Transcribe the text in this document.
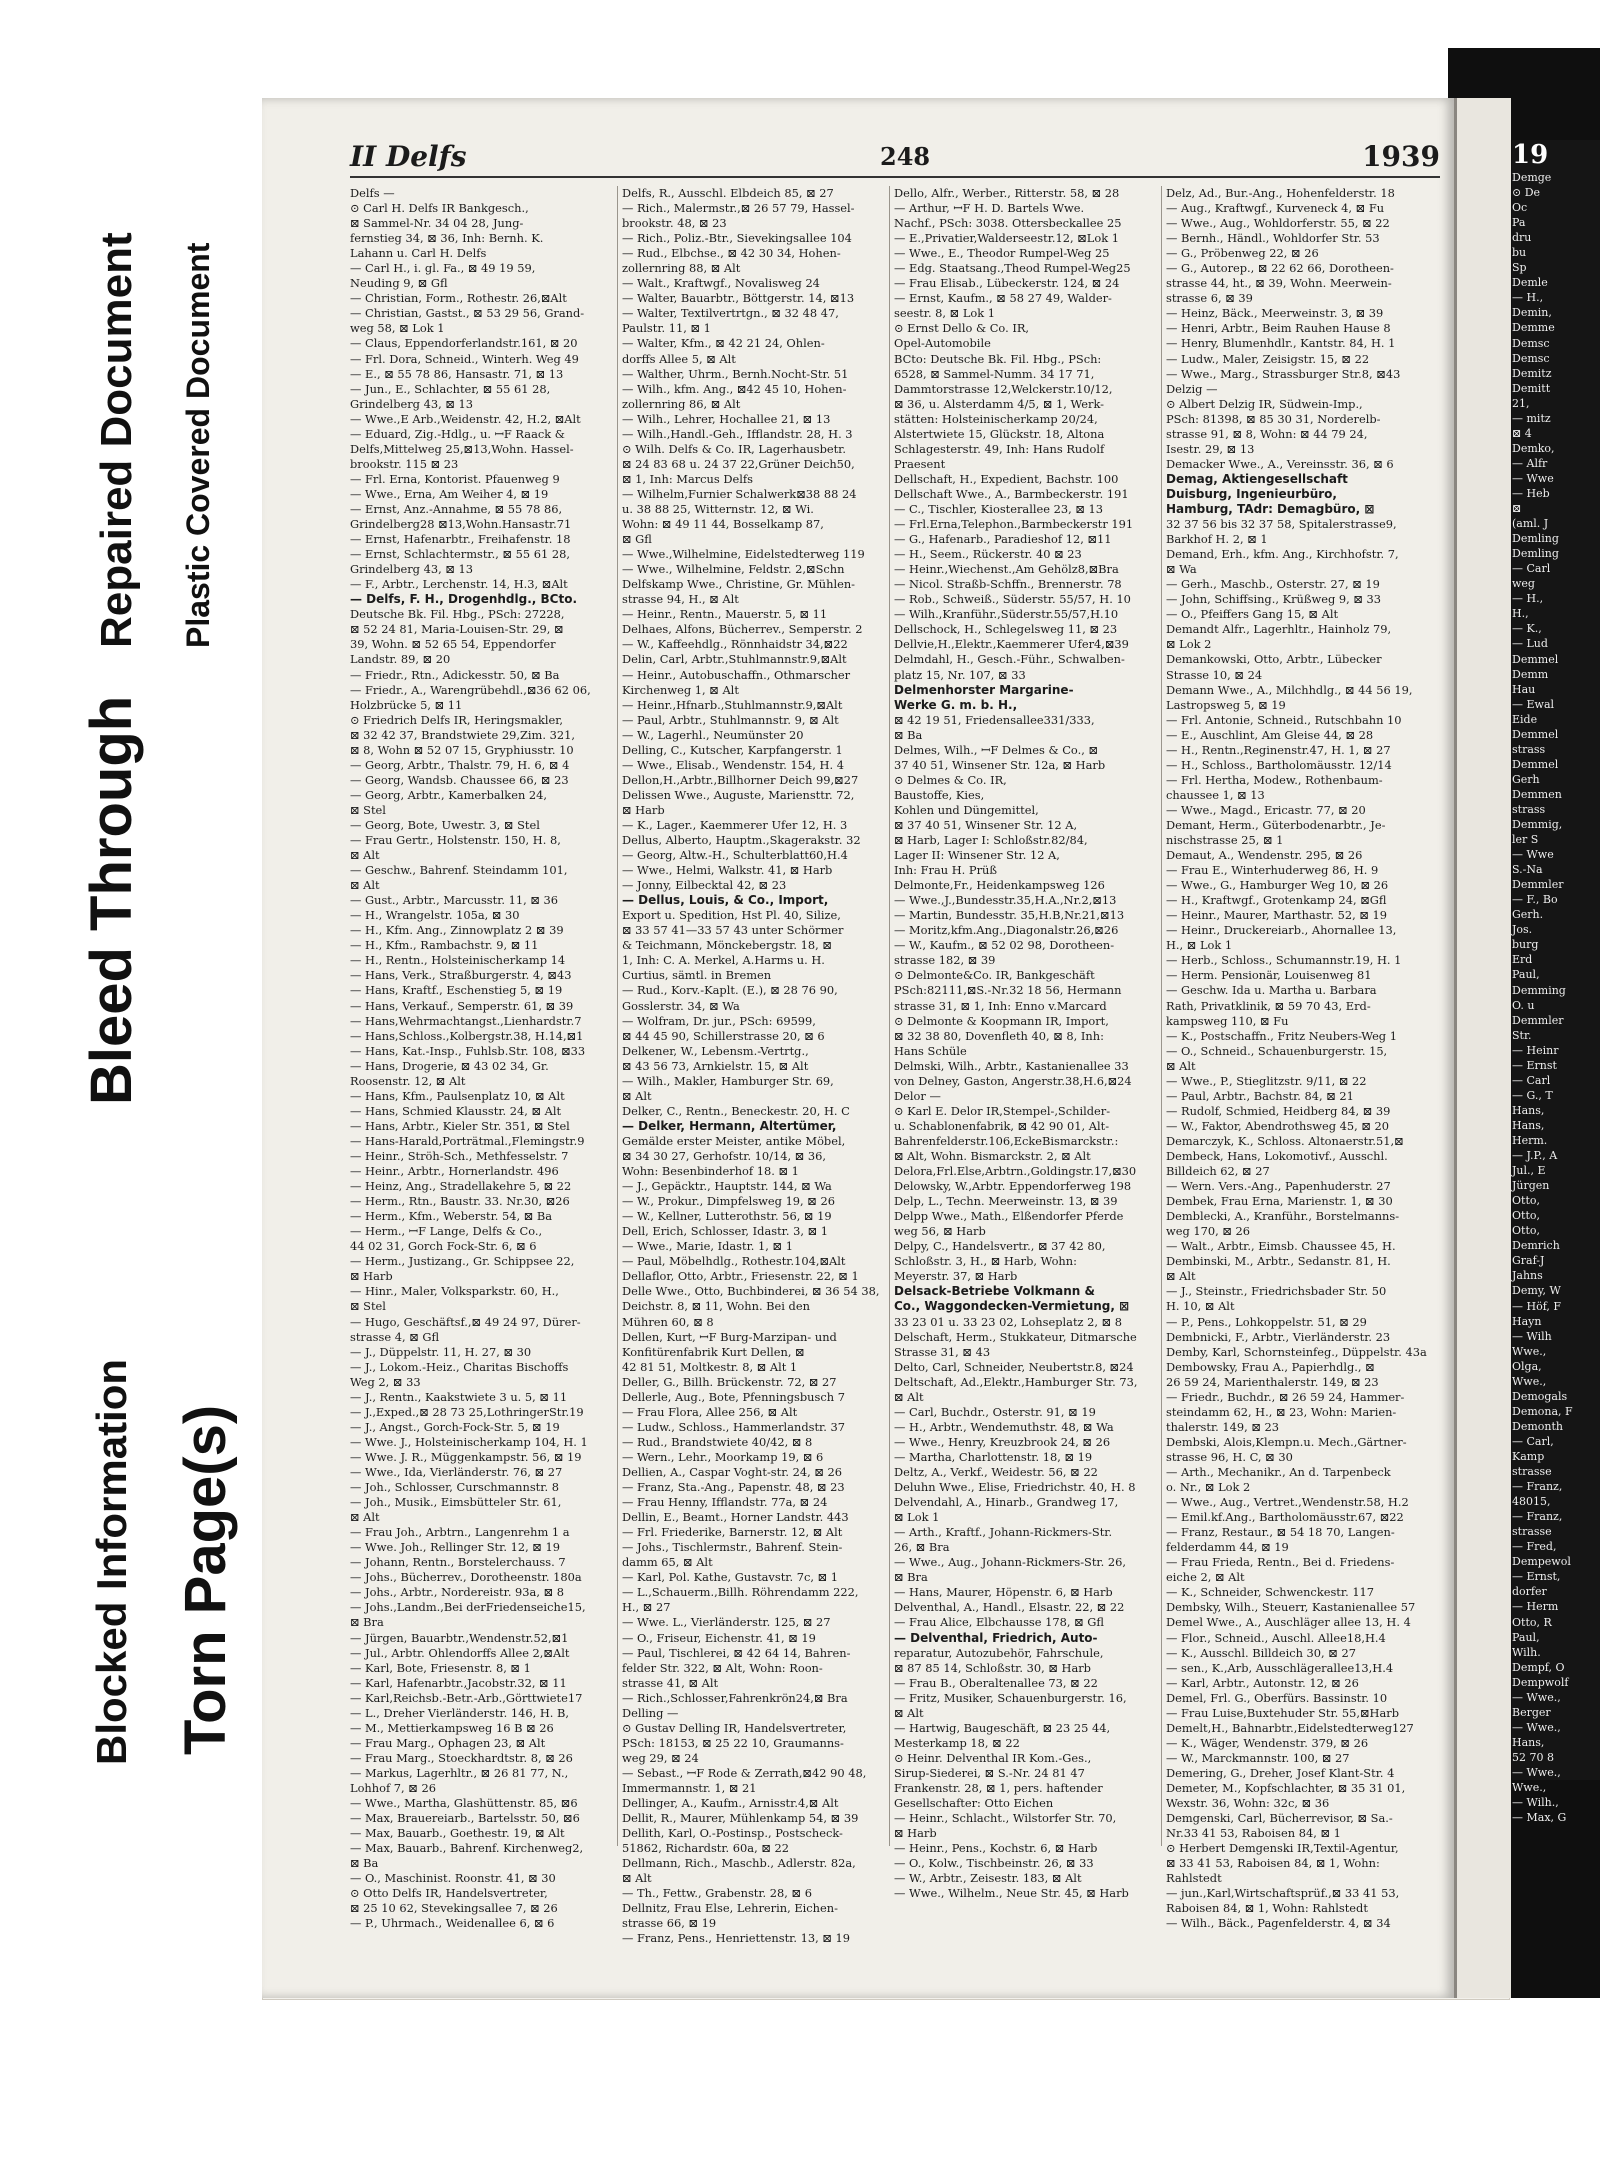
19
Demge
⊙ De
Oc
Pa
dru
bu
Sp
Demle
— H.,
Demin,
Demme
Demsc
Demsc
Demitz
Demitt
21,
— mitz
⊠ 4
Demko,
— Alfr
— Wwe
— Heb
⊠
(aml. J
Demling
Demling
— Carl
weg
— H.,
H.,
— K.,
— Lud
Demmel
Demm
Hau
— Ewal
Eide
Demmel
strass
Demmel
Gerh
Demmen
strass
Demmig,
ler S
— Wwe
S.-Na
Demmler
— F., Bo
Gerh.
Jos.
burg
Erd
Paul,
Demming
O. u
Demmler
Str.
— Heinr
— Ernst
— Carl
— G., T
Hans,
Hans,
Herm.
— J.P., A
Jul., E
Jürgen
Otto,
Otto,
Otto,
Demrich
Graf-J
Jahns
Demy, W
— Höf, F
Hayn
— Wilh
Wwe.,
Olga,
Wwe.,
Demogals
Demona, F
Demonth
— Carl,
Kamp
strasse
— Franz,
48015,
— Franz,
strasse
— Fred,
Dempewol
— Ernst,
dorfer
— Herm
Otto, R
Paul,
Wilh.
Dempf, O
Dempwolf
— Wwe.,
Berger
— Wwe.,
Hans,
52 70 8
— Wwe.,
Wwe.,
— Wilh.,
— Max, G
Blocked Information Torn Page(s)
Bleed Through
Repaired Document Plastic Covered Document
II Delfs	248	1939
Delfs —
⊙ Carl H. Delfs IR Bankgesch.,
⊠ Sammel-Nr. 34 04 28, Jung-
fernstieg 34, ⊠ 36, Inh: Bernh. K.
Lahann u. Carl H. Delfs
— Carl H., i. gl. Fa., ⊠ 49 19 59,
Neuding 9, ⊠ Gfl
— Christian, Form., Rothestr. 26,⊠Alt
— Christian, Gastst., ⊠ 53 29 56, Grand-
weg 58, ⊠ Lok 1
— Claus, Eppendorferlandstr.161, ⊠ 20
— Frl. Dora, Schneid., Winterh. Weg 49
— E., ⊠ 55 78 86, Hansastr. 71, ⊠ 13
— Jun., E., Schlachter, ⊠ 55 61 28,
Grindelberg 43, ⊠ 13
— Wwe.,E Arb.,Weidenstr. 42, H.2, ⊠Alt
— Eduard, Zig.-Hdlg., u. ꟷF Raack &
Delfs,Mittelweg 25,⊠13,Wohn. Hassel-
brookstr. 115 ⊠ 23
— Frl. Erna, Kontorist. Pfauenweg 9
— Wwe., Erna, Am Weiher 4, ⊠ 19
— Ernst, Anz.-Annahme, ⊠ 55 78 86,
Grindelberg28 ⊠13,Wohn.Hansastr.71
— Ernst, Hafenarbtr., Freihafenstr. 18
— Ernst, Schlachtermstr., ⊠ 55 61 28,
Grindelberg 43, ⊠ 13
— F., Arbtr., Lerchenstr. 14, H.3, ⊠Alt
— Delfs, F. H., Drogenhdlg., BCto.
Deutsche Bk. Fil. Hbg., PSch: 27228,
⊠ 52 24 81, Maria-Louisen-Str. 29, ⊠
39, Wohn. ⊠ 52 65 54, Eppendorfer
Landstr. 89, ⊠ 20
— Friedr., Rtn., Adickesstr. 50, ⊠ Ba
— Friedr., A., Warengrübehdl.,⊠36 62 06,
Holzbrücke 5, ⊠ 11
⊙ Friedrich Delfs IR, Heringsmakler,
⊠ 32 42 37, Brandstwiete 29,Zim. 321,
⊠ 8, Wohn ⊠ 52 07 15, Gryphiusstr. 10
— Georg, Arbtr., Thalstr. 79, H. 6, ⊠ 4
— Georg, Wandsb. Chaussee 66, ⊠ 23
— Georg, Arbtr., Kamerbalken 24,
⊠ Stel
— Georg, Bote, Uwestr. 3, ⊠ Stel
— Frau Gertr., Holstenstr. 150, H. 8,
⊠ Alt
— Geschw., Bahrenf. Steindamm 101,
⊠ Alt
— Gust., Arbtr., Marcusstr. 11, ⊠ 36
— H., Wrangelstr. 105a, ⊠ 30
— H., Kfm. Ang., Zinnowplatz 2 ⊠ 39
— H., Kfm., Rambachstr. 9, ⊠ 11
— H., Rentn., Holsteinischerkamp 14
— Hans, Verk., Straßburgerstr. 4, ⊠43
— Hans, Kraftf., Eschenstieg 5, ⊠ 19
— Hans, Verkauf., Semperstr. 61, ⊠ 39
— Hans,Wehrmachtangst.,Lienhardstr.7
— Hans,Schloss.,Kolbergstr.38, H.14,⊠1
— Hans, Kat.-Insp., Fuhlsb.Str. 108, ⊠33
— Hans, Drogerie, ⊠ 43 02 34, Gr.
Roosenstr. 12, ⊠ Alt
— Hans, Kfm., Paulsenplatz 10, ⊠ Alt
— Hans, Schmied Klausstr. 24, ⊠ Alt
— Hans, Arbtr., Kieler Str. 351, ⊠ Stel
— Hans-Harald,Porträtmal.,Flemingstr.9
— Heinr., Ströh-Sch., Methfesselstr. 7
— Heinr., Arbtr., Hornerlandstr. 496
— Heinz, Ang., Stradellakehre 5, ⊠ 22
— Herm., Rtn., Baustr. 33. Nr.30, ⊠26
— Herm., Kfm., Weberstr. 54, ⊠ Ba
— Herm., ꟷF Lange, Delfs & Co.,
44 02 31, Gorch Fock-Str. 6, ⊠ 6
— Herm., Justizang., Gr. Schippsee 22,
⊠ Harb
— Hinr., Maler, Volksparkstr. 60, H.,
⊠ Stel
— Hugo, Geschäftsf.,⊠ 49 24 97, Dürer-
strasse 4, ⊠ Gfl
— J., Düppelstr. 11, H. 27, ⊠ 30
— J., Lokom.-Heiz., Charitas Bischoffs
Weg 2, ⊠ 33
— J., Rentn., Kaakstwiete 3 u. 5, ⊠ 11
— J.,Exped.,⊠ 28 73 25,LothringerStr.19
— J., Angst., Gorch-Fock-Str. 5, ⊠ 19
— Wwe. J., Holsteinischerkamp 104, H. 1
— Wwe. J. R., Müggenkampstr. 56, ⊠ 19
— Wwe., Ida, Vierländerstr. 76, ⊠ 27
— Joh., Schlosser, Curschmannstr. 8
— Joh., Musik., Eimsbütteler Str. 61,
⊠ Alt
— Frau Joh., Arbtrn., Langenrehm 1 a
— Wwe. Joh., Rellinger Str. 12, ⊠ 19
— Johann, Rentn., Borstelerchauss. 7
— Johs., Bücherrev., Dorotheenstr. 180a
— Johs., Arbtr., Nordereistr. 93a, ⊠ 8
— Johs.,Landm.,Bei derFriedenseiche15,
⊠ Bra
— Jürgen, Bauarbtr.,Wendenstr.52,⊠1
— Jul., Arbtr. Ohlendorffs Allee 2,⊠Alt
— Karl, Bote, Friesenstr. 8, ⊠ 1
— Karl, Hafenarbtr.,Jacobstr.32, ⊠ 11
— Karl,Reichsb.-Betr.-Arb.,Görttwiete17
— L., Dreher Vierländerstr. 146, H. B,
— M., Mettierkampsweg 16 B ⊠ 26
— Frau Marg., Ophagen 23, ⊠ Alt
— Frau Marg., Stoeckhardtstr. 8, ⊠ 26
— Markus, Lagerhltr., ⊠ 26 81 77, N.,
Lohhof 7, ⊠ 26
— Wwe., Martha, Glashüttenstr. 85, ⊠6
— Max, Brauereiarb., Bartelsstr. 50, ⊠6
— Max, Bauarb., Goethestr. 19, ⊠ Alt
— Max, Bauarb., Bahrenf. Kirchenweg2,
⊠ Ba
— O., Maschinist. Roonstr. 41, ⊠ 30
⊙ Otto Delfs IR, Handelsvertreter,
⊠ 25 10 62, Stevekingsallee 7, ⊠ 26
— P., Uhrmach., Weidenallee 6, ⊠ 6
Delfs, R., Ausschl. Elbdeich 85, ⊠ 27
— Rich., Malermstr.,⊠ 26 57 79, Hassel-
brookstr. 48, ⊠ 23
— Rich., Poliz.-Btr., Sievekingsallee 104
— Rud., Elbchse., ⊠ 42 30 34, Hohen-
zollernring 88, ⊠ Alt
— Walt., Kraftwgf., Novalisweg 24
— Walter, Bauarbtr., Böttgerstr. 14, ⊠13
— Walter, Textilvertrtgn., ⊠ 32 48 47,
Paulstr. 11, ⊠ 1
— Walter, Kfm., ⊠ 42 21 24, Ohlen-
dorffs Allee 5, ⊠ Alt
— Walther, Uhrm., Bernh.Nocht-Str. 51
— Wilh., kfm. Ang., ⊠42 45 10, Hohen-
zollernring 86, ⊠ Alt
— Wilh., Lehrer, Hochallee 21, ⊠ 13
— Wilh.,Handl.-Geh., Ifflandstr. 28, H. 3
⊙ Wilh. Delfs & Co. IR, Lagerhausbetr.
⊠ 24 83 68 u. 24 37 22,Grüner Deich50,
⊠ 1, Inh: Marcus Delfs
— Wilhelm,Furnier Schalwerk⊠38 88 24
u. 38 88 25, Witternstr. 12, ⊠ Wi.
Wohn: ⊠ 49 11 44, Bosselkamp 87,
⊠ Gfl
— Wwe.,Wilhelmine, Eidelstedterweg 119
— Wwe., Wilhelmine, Feldstr. 2,⊠Schn
Delfskamp Wwe., Christine, Gr. Mühlen-
strasse 94, H., ⊠ Alt
— Heinr., Rentn., Mauerstr. 5, ⊠ 11
Delhaes, Alfons, Bücherrev., Semperstr. 2
— W., Kaffeehdlg., Rönnhaidstr 34,⊠22
Delin, Carl, Arbtr.,Stuhlmannstr.9,⊠Alt
— Heinr., Autobuschaffn., Othmarscher
Kirchenweg 1, ⊠ Alt
— Heinr.,Hfnarb.,Stuhlmannstr.9,⊠Alt
— Paul, Arbtr., Stuhlmannstr. 9, ⊠ Alt
— W., Lagerhl., Neumünster 20
Delling, C., Kutscher, Karpfangerstr. 1
— Wwe., Elisab., Wendenstr. 154, H. 4
Dellon,H.,Arbtr.,Billhorner Deich 99,⊠27
Delissen Wwe., Auguste, Mariensttr. 72,
⊠ Harb
— K., Lager., Kaemmerer Ufer 12, H. 3
Dellus, Alberto, Hauptm.,Skagerakstr. 32
— Georg, Altw.-H., Schulterblatt60,H.4
— Wwe., Helmi, Walkstr. 41, ⊠ Harb
— Jonny, Eilbecktal 42, ⊠ 23
— Dellus, Louis, & Co., Import,
Export u. Spedition, Hst Pl. 40, Silize,
⊠ 33 57 41—33 57 43 unter Schörmer
& Teichmann, Mönckebergstr. 18, ⊠
1, Inh: C. A. Merkel, A.Harms u. H.
Curtius, sämtl. in Bremen
— Rud., Korv.-Kaplt. (E.), ⊠ 28 76 90,
Gosslerstr. 34, ⊠ Wa
— Wolfram, Dr. jur., PSch: 69599,
⊠ 44 45 90, Schillerstrasse 20, ⊠ 6
Delkener, W., Lebensm.-Vertrtg.,
⊠ 43 56 73, Arnkielstr. 15, ⊠ Alt
— Wilh., Makler, Hamburger Str. 69,
⊠ Alt
Delker, C., Rentn., Beneckestr. 20, H. C
— Delker, Hermann, Altertümer,
Gemälde erster Meister, antike Möbel,
⊠ 34 30 27, Gerhofstr. 10/14, ⊠ 36,
Wohn: Besenbinderhof 18. ⊠ 1
— J., Gepäcktr., Hauptstr. 144, ⊠ Wa
— W., Prokur., Dimpfelsweg 19, ⊠ 26
— W., Kellner, Lutterothstr. 56, ⊠ 19
Dell, Erich, Schlosser, Idastr. 3, ⊠ 1
— Wwe., Marie, Idastr. 1, ⊠ 1
— Paul, Möbelhdlg., Rothestr.104,⊠Alt
Dellaflor, Otto, Arbtr., Friesenstr. 22, ⊠ 1
Delle Wwe., Otto, Buchbinderei, ⊠ 36 54 38,
Deichstr. 8, ⊠ 11, Wohn. Bei den
Mühren 60, ⊠ 8
Dellen, Kurt, ꟷF Burg-Marzipan- und
Konfitürenfabrik Kurt Dellen, ⊠
42 81 51, Moltkestr. 8, ⊠ Alt 1
Deller, G., Billh. Brückenstr. 72, ⊠ 27
Dellerle, Aug., Bote, Pfenningsbusch 7
— Frau Flora, Allee 256, ⊠ Alt
— Ludw., Schloss., Hammerlandstr. 37
— Rud., Brandstwiete 40/42, ⊠ 8
— Wern., Lehr., Moorkamp 19, ⊠ 6
Dellien, A., Caspar Voght-str. 24, ⊠ 26
— Franz, Sta.-Ang., Papenstr. 48, ⊠ 23
— Frau Henny, Ifflandstr. 77a, ⊠ 24
Dellin, E., Beamt., Horner Landstr. 443
— Frl. Friederike, Barnerstr. 12, ⊠ Alt
— Johs., Tischlermstr., Bahrenf. Stein-
damm 65, ⊠ Alt
— Karl, Pol. Kathe, Gustavstr. 7c, ⊠ 1
— L.,Schauerm.,Billh. Röhrendamm 222,
H., ⊠ 27
— Wwe. L., Vierländerstr. 125, ⊠ 27
— O., Friseur, Eichenstr. 41, ⊠ 19
— Paul, Tischlerei, ⊠ 42 64 14, Bahren-
felder Str. 322, ⊠ Alt, Wohn: Roon-
strasse 41, ⊠ Alt
— Rich.,Schlosser,Fahrenkrön24,⊠ Bra
Delling —
⊙ Gustav Delling IR, Handelsvertreter,
PSch: 18153, ⊠ 25 22 10, Graumanns-
weg 29, ⊠ 24
— Sebast., ꟷF Rode & Zerrath,⊠42 90 48,
Immermannstr. 1, ⊠ 21
Dellinger, A., Kaufm., Arnisstr.4,⊠ Alt
Dellit, R., Maurer, Mühlenkamp 54, ⊠ 39
Dellith, Karl, O.-Postinsp., Postscheck-
51862, Richardstr. 60a, ⊠ 22
Dellmann, Rich., Maschb., Adlerstr. 82a,
⊠ Alt
— Th., Fettw., Grabenstr. 28, ⊠ 6
Dellnitz, Frau Else, Lehrerin, Eichen-
strasse 66, ⊠ 19
— Franz, Pens., Henriettenstr. 13, ⊠ 19
Dello, Alfr., Werber., Ritterstr. 58, ⊠ 28
— Arthur, ꟷF H. D. Bartels Wwe.
Nachf., PSch: 3038. Ottersbeckallee 25
— E.,Privatier,Walderseestr.12, ⊠Lok 1
— Wwe., E., Theodor Rumpel-Weg 25
— Edg. Staatsang.,Theod Rumpel-Weg25
— Frau Elisab., Lübeckerstr. 124, ⊠ 24
— Ernst, Kaufm., ⊠ 58 27 49, Walder-
seestr. 8, ⊠ Lok 1
⊙ Ernst Dello & Co. IR,
Opel-Automobile
BCto: Deutsche Bk. Fil. Hbg., PSch:
6528, ⊠ Sammel-Numm. 34 17 71,
Dammtorstrasse 12,Welckerstr.10/12,
⊠ 36, u. Alsterdamm 4/5, ⊠ 1, Werk-
stätten: Holsteinischerkamp 20/24,
Alstertwiete 15, Glückstr. 18, Altona
Schlagesterstr. 49, Inh: Hans Rudolf
Praesent
Dellschaft, H., Expedient, Bachstr. 100
Dellschaft Wwe., A., Barmbeckerstr. 191
— C., Tischler, Kiosterallee 23, ⊠ 13
— Frl.Erna,Telephon.,Barmbeckerstr 191
— G., Hafenarb., Paradieshof 12, ⊠11
— H., Seem., Rückerstr. 40 ⊠ 23
— Heinr.,Wiechenst.,Am Gehölz8,⊠Bra
— Nicol. Straßb-Schffn., Brennerstr. 78
— Rob., Schweiß., Süderstr. 55/57, H. 10
— Wilh.,Kranführ.,Süderstr.55/57,H.10
Dellschock, H., Schlegelsweg 11, ⊠ 23
Dellvie,H.,Elektr.,Kaemmerer Ufer4,⊠39
Delmdahl, H., Gesch.-Führ., Schwalben-
platz 15, Nr. 107, ⊠ 33
Delmenhorster Margarine-
Werke G. m. b. H.,
⊠ 42 19 51, Friedensallee331/333,
⊠ Ba
Delmes, Wilh., ꟷF Delmes & Co., ⊠
37 40 51, Winsener Str. 12a, ⊠ Harb
⊙ Delmes & Co. IR,
Baustoffe, Kies,
Kohlen und Düngemittel,
⊠ 37 40 51, Winsener Str. 12 A,
⊠ Harb, Lager I: Schloßstr.82/84,
Lager II: Winsener Str. 12 A,
Inh: Frau H. Prüß
Delmonte,Fr., Heidenkampsweg 126
— Wwe.,J.,Bundesstr.35,H.A.,Nr.2,⊠13
— Martin, Bundesstr. 35,H.B,Nr.21,⊠13
— Moritz,kfm.Ang.,Diagonalstr.26,⊠26
— W., Kaufm., ⊠ 52 02 98, Dorotheen-
strasse 182, ⊠ 39
⊙ Delmonte&Co. IR, Bankgeschäft
PSch:82111,⊠S.-Nr.32 18 56, Hermann
strasse 31, ⊠ 1, Inh: Enno v.Marcard
⊙ Delmonte & Koopmann IR, Import,
⊠ 32 38 80, Dovenfleth 40, ⊠ 8, Inh:
Hans Schüle
Delmski, Wilh., Arbtr., Kastanienallee 33
von Delney, Gaston, Angerstr.38,H.6,⊠24
Delor —
⊙ Karl E. Delor IR,Stempel-,Schilder-
u. Schablonenfabrik, ⊠ 42 90 01, Alt-
Bahrenfelderstr.106,EckeBismarckstr.:
⊠ Alt, Wohn. Bismarckstr. 2, ⊠ Alt
Delora,Frl.Else,Arbtrn.,Goldingstr.17,⊠30
Delowsky, W.,Arbtr. Eppendorferweg 198
Delp, L., Techn. Meerweinstr. 13, ⊠ 39
Delpp Wwe., Math., Elßendorfer Pferde
weg 56, ⊠ Harb
Delpy, C., Handelsvertr., ⊠ 37 42 80,
Schloßstr. 3, H., ⊠ Harb, Wohn:
Meyerstr. 37, ⊠ Harb
Delsack-Betriebe Volkmann &
Co., Waggondecken-Vermietung, ⊠
33 23 01 u. 33 23 02, Lohseplatz 2, ⊠ 8
Delschaft, Herm., Stukkateur, Ditmarsche
Strasse 31, ⊠ 43
Delto, Carl, Schneider, Neubertstr.8, ⊠24
Deltschaft, Ad.,Elektr.,Hamburger Str. 73,
⊠ Alt
— Carl, Buchdr., Osterstr. 91, ⊠ 19
— H., Arbtr., Wendemuthstr. 48, ⊠ Wa
— Wwe., Henry, Kreuzbrook 24, ⊠ 26
— Martha, Charlottenstr. 18, ⊠ 19
Deltz, A., Verkf., Weidestr. 56, ⊠ 22
Deluhn Wwe., Elise, Friedrichstr. 40, H. 8
Delvendahl, A., Hinarb., Grandweg 17,
⊠ Lok 1
— Arth., Kraftf., Johann-Rickmers-Str.
26, ⊠ Bra
— Wwe., Aug., Johann-Rickmers-Str. 26,
⊠ Bra
— Hans, Maurer, Höpenstr. 6, ⊠ Harb
Delventhal, A., Handl., Elsastr. 22, ⊠ 22
— Frau Alice, Elbchausse 178, ⊠ Gfl
— Delventhal, Friedrich, Auto-
reparatur, Autozubehör, Fahrschule,
⊠ 87 85 14, Schloßstr. 30, ⊠ Harb
— Frau B., Oberaltenallee 73, ⊠ 22
— Fritz, Musiker, Schauenburgerstr. 16,
⊠ Alt
— Hartwig, Baugeschäft, ⊠ 23 25 44,
Mesterkamp 18, ⊠ 22
⊙ Heinr. Delventhal IR Kom.-Ges.,
Sirup-Siederei, ⊠ S.-Nr. 24 81 47
Frankenstr. 28, ⊠ 1, pers. haftender
Gesellschafter: Otto Eichen
— Heinr., Schlacht., Wilstorfer Str. 70,
⊠ Harb
— Heinr., Pens., Kochstr. 6, ⊠ Harb
— O., Kolw., Tischbeinstr. 26, ⊠ 33
— W., Arbtr., Zeisestr. 183, ⊠ Alt
— Wwe., Wilhelm., Neue Str. 45, ⊠ Harb
Delz, Ad., Bur.-Ang., Hohenfelderstr. 18
— Aug., Kraftwgf., Kurveneck 4, ⊠ Fu
— Wwe., Aug., Wohldorferstr. 55, ⊠ 22
— Bernh., Händl., Wohldorfer Str. 53
— G., Pröbenweg 22, ⊠ 26
— G., Autorep., ⊠ 22 62 66, Dorotheen-
strasse 44, ht., ⊠ 39, Wohn. Meerwein-
strasse 6, ⊠ 39
— Heinz, Bäck., Meerweinstr. 3, ⊠ 39
— Henri, Arbtr., Beim Rauhen Hause 8
— Henry, Blumenhdlr., Kantstr. 84, H. 1
— Ludw., Maler, Zeisigstr. 15, ⊠ 22
— Wwe., Marg., Strassburger Str.8, ⊠43
Delzig —
⊙ Albert Delzig IR, Südwein-Imp.,
PSch: 81398, ⊠ 85 30 31, Norderelb-
strasse 91, ⊠ 8, Wohn: ⊠ 44 79 24,
Isestr. 29, ⊠ 13
Demacker Wwe., A., Vereinsstr. 36, ⊠ 6
Demag, Aktiengesellschaft
Duisburg, Ingenieurbüro,
Hamburg, TAdr: Demagbüro, ⊠
32 37 56 bis 32 37 58, Spitalerstrasse9,
Barkhof H. 2, ⊠ 1
Demand, Erh., kfm. Ang., Kirchhofstr. 7,
⊠ Wa
— Gerh., Maschb., Osterstr. 27, ⊠ 19
— John, Schiffsing., Krüßweg 9, ⊠ 33
— O., Pfeiffers Gang 15, ⊠ Alt
Demandt Alfr., Lagerhltr., Hainholz 79,
⊠ Lok 2
Demankowski, Otto, Arbtr., Lübecker
Strasse 10, ⊠ 24
Demann Wwe., A., Milchhdlg., ⊠ 44 56 19,
Lastropsweg 5, ⊠ 19
— Frl. Antonie, Schneid., Rutschbahn 10
— E., Auschlint, Am Gleise 44, ⊠ 28
— H., Rentn.,Reginenstr.47, H. 1, ⊠ 27
— H., Schloss., Bartholomäusstr. 12/14
— Frl. Hertha, Modew., Rothenbaum-
chaussee 1, ⊠ 13
— Wwe., Magd., Ericastr. 77, ⊠ 20
Demant, Herm., Güterbodenarbtr., Je-
nischstrasse 25, ⊠ 1
Demaut, A., Wendenstr. 295, ⊠ 26
— Frau E., Winterhuderweg 86, H. 9
— Wwe., G., Hamburger Weg 10, ⊠ 26
— H., Kraftwgf., Grotenkamp 24, ⊠Gfl
— Heinr., Maurer, Marthastr. 52, ⊠ 19
— Heinr., Druckereiarb., Ahornallee 13,
H., ⊠ Lok 1
— Herb., Schloss., Schumannstr.19, H. 1
— Herm. Pensionär, Louisenweg 81
— Geschw. Ida u. Martha u. Barbara
Rath, Privatklinik, ⊠ 59 70 43, Erd-
kampsweg 110, ⊠ Fu
— K., Postschaffn., Fritz Neubers-Weg 1
— O., Schneid., Schauenburgerstr. 15,
⊠ Alt
— Wwe., P., Stieglitzstr. 9/11, ⊠ 22
— Paul, Arbtr., Bachstr. 84, ⊠ 21
— Rudolf, Schmied, Heidberg 84, ⊠ 39
— W., Faktor, Abendrothsweg 45, ⊠ 20
Demarczyk, K., Schloss. Altonaerstr.51,⊠
Dembeck, Hans, Lokomotivf., Ausschl.
Billdeich 62, ⊠ 27
— Wern. Vers.-Ang., Papenhuderstr. 27
Dembek, Frau Erna, Marienstr. 1, ⊠ 30
Demblecki, A., Kranführ., Borstelmanns-
weg 170, ⊠ 26
— Walt., Arbtr., Eimsb. Chaussee 45, H.
Dembinski, M., Arbtr., Sedanstr. 81, H.
⊠ Alt
— J., Steinstr., Friedrichsbader Str. 50
H. 10, ⊠ Alt
— P., Pens., Lohkoppelstr. 51, ⊠ 29
Dembnicki, F., Arbtr., Vierländerstr. 23
Demby, Karl, Schornsteinfeg., Düppelstr. 43a
Dembowsky, Frau A., Papierhdlg., ⊠
26 59 24, Marienthalerstr. 149, ⊠ 23
— Friedr., Buchdr., ⊠ 26 59 24, Hammer-
steindamm 62, H., ⊠ 23, Wohn: Marien-
thalerstr. 149, ⊠ 23
Dembski, Alois,Klempn.u. Mech.,Gärtner-
strasse 96, H. C, ⊠ 30
— Arth., Mechanikr., An d. Tarpenbeck
o. Nr., ⊠ Lok 2
— Wwe., Aug., Vertret.,Wendenstr.58, H.2
— Emil.kf.Ang., Bartholomäusstr.67, ⊠22
— Franz, Restaur., ⊠ 54 18 70, Langen-
felderdamm 44, ⊠ 19
— Frau Frieda, Rentn., Bei d. Friedens-
eiche 2, ⊠ Alt
— K., Schneider, Schwenckestr. 117
Dembsky, Wilh., Steuerr, Kastanienallee 57
Demel Wwe., A., Auschläger allee 13, H. 4
— Flor., Schneid., Auschl. Allee18,H.4
— K., Ausschl. Billdeich 30, ⊠ 27
— sen., K.,Arb, Ausschlägerallee13,H.4
— Karl, Arbtr., Autonstr. 12, ⊠ 26
Demel, Frl. G., Oberfürs. Bassinstr. 10
— Frau Luise,Buxtehuder Str. 55,⊠Harb
Demelt,H., Bahnarbtr.,Eidelstedterweg127
— K., Wäger, Wendenstr. 379, ⊠ 26
— W., Marckmannstr. 100, ⊠ 27
Demering, G., Dreher, Josef Klant-Str. 4
Demeter, M., Kopfschlachter, ⊠ 35 31 01,
Wexstr. 36, Wohn: 32c, ⊠ 36
Demgenski, Carl, Bücherrevisor, ⊠ Sa.-
Nr.33 41 53, Raboisen 84, ⊠ 1
⊙ Herbert Demgenski IR,Textil-Agentur,
⊠ 33 41 53, Raboisen 84, ⊠ 1, Wohn:
Rahlstedt
— jun.,Karl,Wirtschaftsprüf.,⊠ 33 41 53,
Raboisen 84, ⊠ 1, Wohn: Rahlstedt
— Wilh., Bäck., Pagenfelderstr. 4, ⊠ 34
